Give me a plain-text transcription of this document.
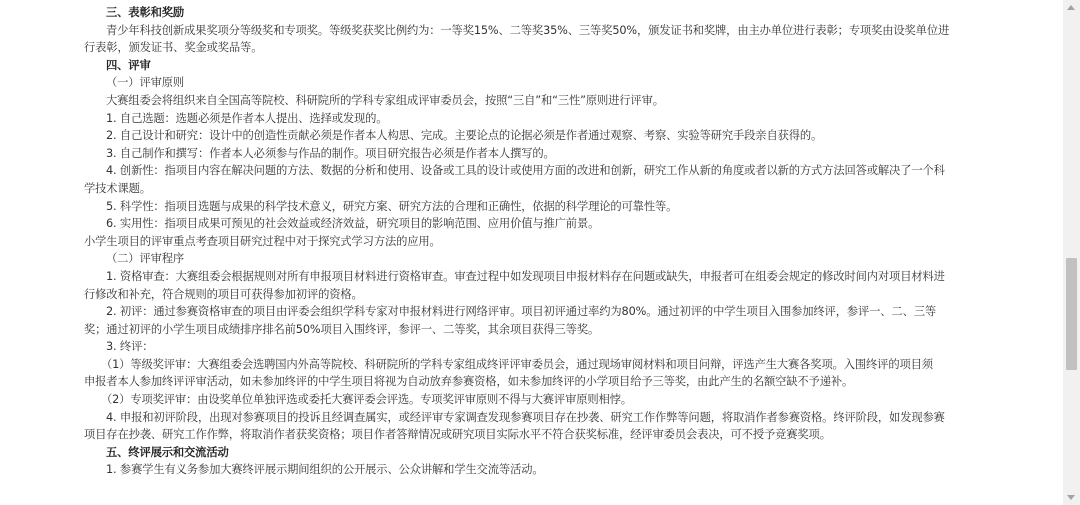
三、表彰和奖励

青少年科技创新成果奖项分等级奖和专项奖。等级奖获奖比例约为：一等奖15%、二等奖35%、三等奖50%，颁发证书和奖牌，由主办单位进行表彰；专项奖由设奖单位进

行表彰，颁发证书、奖金或奖品等。

四、评审

（一）评审原则

大赛组委会将组织来自全国高等院校、科研院所的学科专家组成评审委员会，按照“三自”和“三性”原则进行评审。

1. 自己选题：选题必须是作者本人提出、选择或发现的。

2. 自己设计和研究：设计中的创造性贡献必须是作者本人构思、完成。主要论点的论据必须是作者通过观察、考察、实验等研究手段亲自获得的。

3. 自己制作和撰写：作者本人必须参与作品的制作。项目研究报告必须是作者本人撰写的。

4. 创新性：指项目内容在解决问题的方法、数据的分析和使用、设备或工具的设计或使用方面的改进和创新，研究工作从新的角度或者以新的方式方法回答或解决了一个科

学技术课题。

5. 科学性：指项目选题与成果的科学技术意义，研究方案、研究方法的合理和正确性，依据的科学理论的可靠性等。

6. 实用性：指项目成果可预见的社会效益或经济效益，研究项目的影响范围、应用价值与推广前景。

小学生项目的评审重点考查项目研究过程中对于探究式学习方法的应用。

（二）评审程序

1. 资格审查：大赛组委会根据规则对所有申报项目材料进行资格审查。审查过程中如发现项目申报材料存在问题或缺失，申报者可在组委会规定的修改时间内对项目材料进

行修改和补充，符合规则的项目可获得参加初评的资格。

2. 初评：通过参赛资格审查的项目由评委会组织学科专家对申报材料进行网络评审。项目初评通过率约为80%。通过初评的中学生项目入围参加终评，参评一、二、三等

奖；通过初评的小学生项目成绩排序排名前50%项目入围终评，参评一、二等奖，其余项目获得三等奖。

3. 终评：

（1）等级奖评审：大赛组委会选聘国内外高等院校、科研院所的学科专家组成终评评审委员会，通过现场审阅材料和项目问辩，评选产生大赛各奖项。入围终评的项目须

申报者本人参加终评评审活动，如未参加终评的中学生项目将视为自动放弃参赛资格，如未参加终评的小学项目给予三等奖，由此产生的名额空缺不予递补。

（2）专项奖评审：由设奖单位单独评选或委托大赛评委会评选。专项奖评审原则不得与大赛评审原则相悖。

4. 申报和初评阶段，出现对参赛项目的投诉且经调查属实，或经评审专家调查发现参赛项目存在抄袭、研究工作作弊等问题，将取消作者参赛资格。终评阶段，如发现参赛

项目存在抄袭、研究工作作弊，将取消作者获奖资格；项目作者答辩情况或研究项目实际水平不符合获奖标准，经评审委员会表决，可不授予竞赛奖项。

五、终评展示和交流活动

1. 参赛学生有义务参加大赛终评展示期间组织的公开展示、公众讲解和学生交流等活动。
